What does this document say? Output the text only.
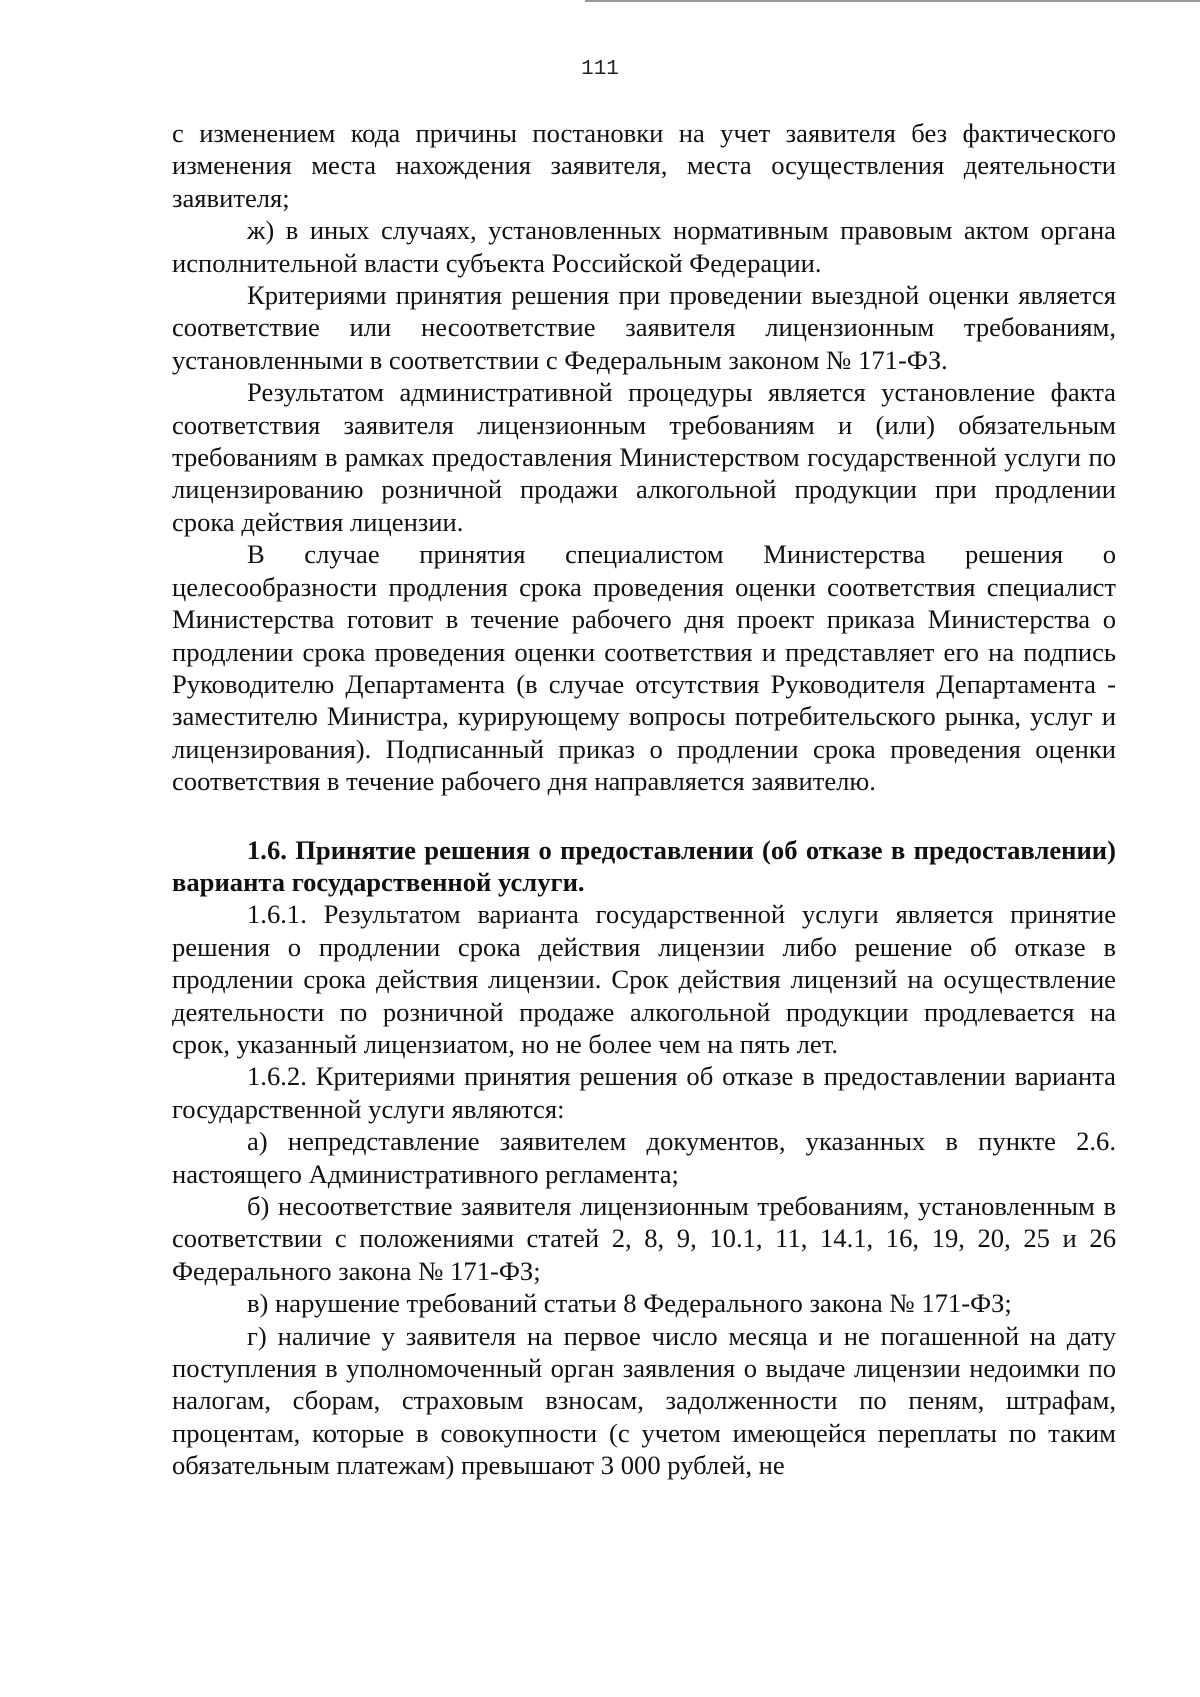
111

с изменением кода причины постановки на учет заявителя без фактического изменения места нахождения заявителя, места осуществления деятельности заявителя;

ж) в иных случаях, установленных нормативным правовым актом органа исполнительной власти субъекта Российской Федерации.

Критериями принятия решения при проведении выездной оценки является соответствие или несоответствие заявителя лицензионным требованиям, установленными в соответствии с Федеральным законом № 171-ФЗ.

Результатом административной процедуры является установление факта соответствия заявителя лицензионным требованиям и (или) обязательным требованиям в рамках предоставления Министерством государственной услуги по лицензированию розничной продажи алкогольной продукции при продлении срока действия лицензии.

В случае принятия специалистом Министерства решения о целесообразности продления срока проведения оценки соответствия специалист Министерства готовит в течение рабочего дня проект приказа Министерства о продлении срока проведения оценки соответствия и представляет его на подпись Руководителю Департамента (в случае отсутствия Руководителя Департамента - заместителю Министра, курирующему вопросы потребительского рынка, услуг и лицензирования). Подписанный приказ о продлении срока проведения оценки соответствия в течение рабочего дня направляется заявителю.

1.6. Принятие решения о предоставлении (об отказе в предоставлении) варианта государственной услуги.

1.6.1. Результатом варианта государственной услуги является принятие решения о продлении срока действия лицензии либо решение об отказе в продлении срока действия лицензии. Срок действия лицензий на осуществление деятельности по розничной продаже алкогольной продукции продлевается на срок, указанный лицензиатом, но не более чем на пять лет.

1.6.2. Критериями принятия решения об отказе в предоставлении варианта государственной услуги являются:

а) непредставление заявителем документов, указанных в пункте 2.6. настоящего Административного регламента;

б) несоответствие заявителя лицензионным требованиям, установленным в соответствии с положениями статей 2, 8, 9, 10.1, 11, 14.1, 16, 19, 20, 25 и 26 Федерального закона № 171-ФЗ;

в) нарушение требований статьи 8 Федерального закона № 171-ФЗ;

г) наличие у заявителя на первое число месяца и не погашенной на дату поступления в уполномоченный орган заявления о выдаче лицензии недоимки по налогам, сборам, страховым взносам, задолженности по пеням, штрафам, процентам, которые в совокупности (с учетом имеющейся переплаты по таким обязательным платежам) превышают 3 000 рублей, не
